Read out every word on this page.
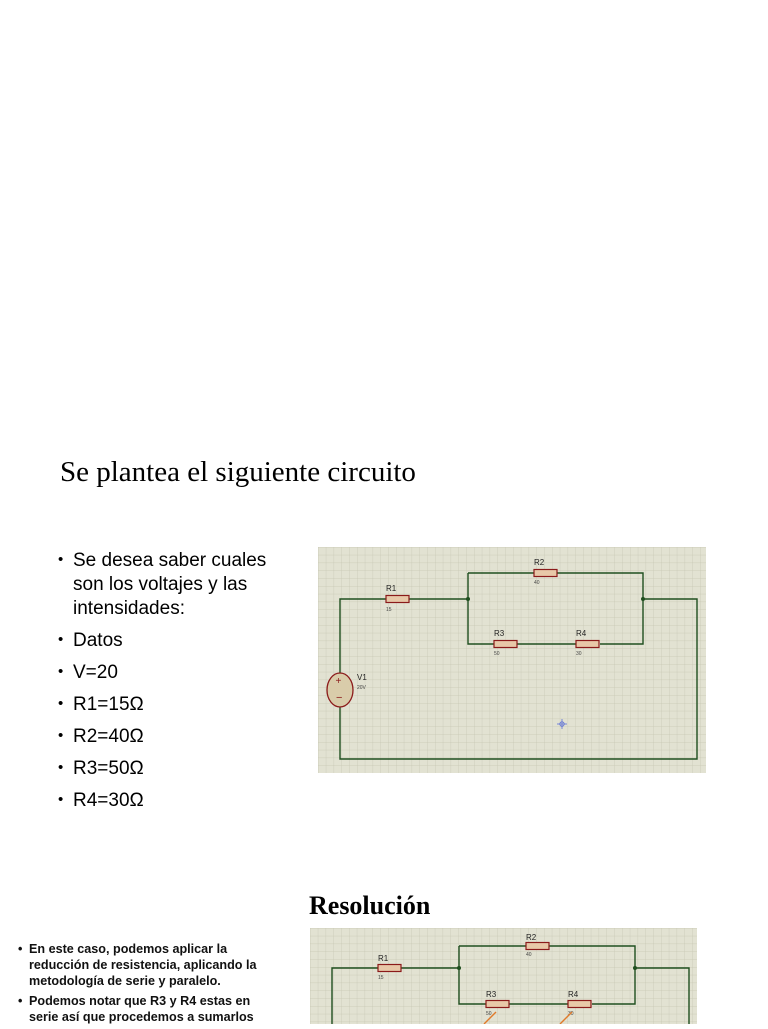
Se plantea el siguiente circuito
• Se desea saber cuales son los voltajes y las intensidades:
• Datos
• V=20
• R1=15Ω
• R2=40Ω
• R3=50Ω
• R4=30Ω
R1
15
R2
40
R3
50
R4
30
+
−
V1
20V
Resolución
• En este caso, podemos aplicar la reducción de resistencia, aplicando la metodología de serie y paralelo.
• Podemos notar que R3 y R4 estas en serie así que procedemos a sumarlos
R1
15
R2
40
R3
50
R4
30
